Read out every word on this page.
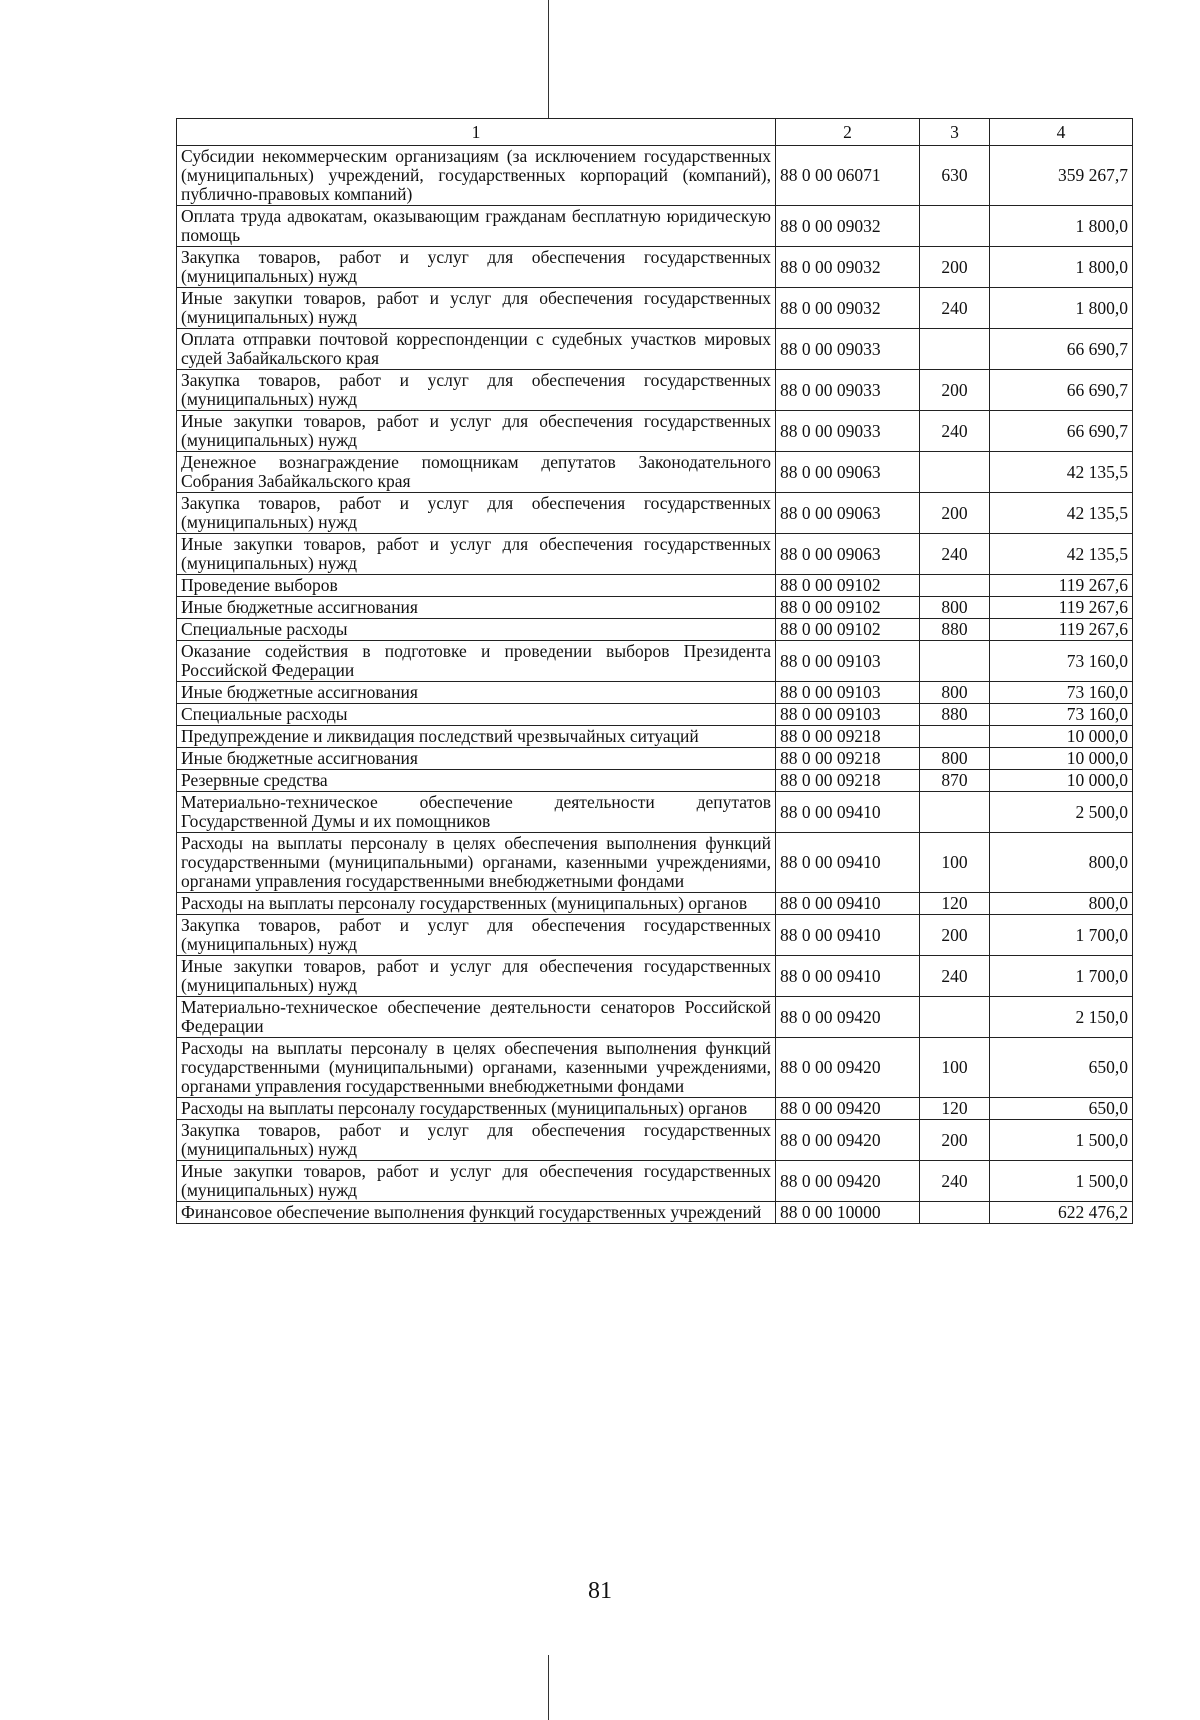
1	2	3	4
Субсидии некоммерческим организациям (за исключением государственных (муниципальных) учреждений, государственных корпораций (компаний), публично-правовых компаний)	88 0 00 06071	630	359 267,7
Оплата труда адвокатам, оказывающим гражданам бесплатную юридическую помощь	88 0 00 09032		1 800,0
Закупка товаров, работ и услуг для обеспечения государственных (муниципальных) нужд	88 0 00 09032	200	1 800,0
Иные закупки товаров, работ и услуг для обеспечения государственных (муниципальных) нужд	88 0 00 09032	240	1 800,0
Оплата отправки почтовой корреспонденции с судебных участков мировых судей Забайкальского края	88 0 00 09033		66 690,7
Закупка товаров, работ и услуг для обеспечения государственных (муниципальных) нужд	88 0 00 09033	200	66 690,7
Иные закупки товаров, работ и услуг для обеспечения государственных (муниципальных) нужд	88 0 00 09033	240	66 690,7
Денежное вознаграждение помощникам депутатов Законодательного Собрания Забайкальского края	88 0 00 09063		42 135,5
Закупка товаров, работ и услуг для обеспечения государственных (муниципальных) нужд	88 0 00 09063	200	42 135,5
Иные закупки товаров, работ и услуг для обеспечения государственных (муниципальных) нужд	88 0 00 09063	240	42 135,5
Проведение выборов	88 0 00 09102		119 267,6
Иные бюджетные ассигнования	88 0 00 09102	800	119 267,6
Специальные расходы	88 0 00 09102	880	119 267,6
Оказание содействия в подготовке и проведении выборов Президента Российской Федерации	88 0 00 09103		73 160,0
Иные бюджетные ассигнования	88 0 00 09103	800	73 160,0
Специальные расходы	88 0 00 09103	880	73 160,0
Предупреждение и ликвидация последствий чрезвычайных ситуаций	88 0 00 09218		10 000,0
Иные бюджетные ассигнования	88 0 00 09218	800	10 000,0
Резервные средства	88 0 00 09218	870	10 000,0
Материально-техническое обеспечение деятельности депутатов Государственной Думы и их помощников	88 0 00 09410		2 500,0
Расходы на выплаты персоналу в целях обеспечения выполнения функций государственными (муниципальными) органами, казенными учреждениями, органами управления государственными внебюджетными фондами	88 0 00 09410	100	800,0
Расходы на выплаты персоналу государственных (муниципальных) органов	88 0 00 09410	120	800,0
Закупка товаров, работ и услуг для обеспечения государственных (муниципальных) нужд	88 0 00 09410	200	1 700,0
Иные закупки товаров, работ и услуг для обеспечения государственных (муниципальных) нужд	88 0 00 09410	240	1 700,0
Материально-техническое обеспечение деятельности сенаторов Российской Федерации	88 0 00 09420		2 150,0
Расходы на выплаты персоналу в целях обеспечения выполнения функций государственными (муниципальными) органами, казенными учреждениями, органами управления государственными внебюджетными фондами	88 0 00 09420	100	650,0
Расходы на выплаты персоналу государственных (муниципальных) органов	88 0 00 09420	120	650,0
Закупка товаров, работ и услуг для обеспечения государственных (муниципальных) нужд	88 0 00 09420	200	1 500,0
Иные закупки товаров, работ и услуг для обеспечения государственных (муниципальных) нужд	88 0 00 09420	240	1 500,0
Финансовое обеспечение выполнения функций государственных учреждений	88 0 00 10000		622 476,2
81
